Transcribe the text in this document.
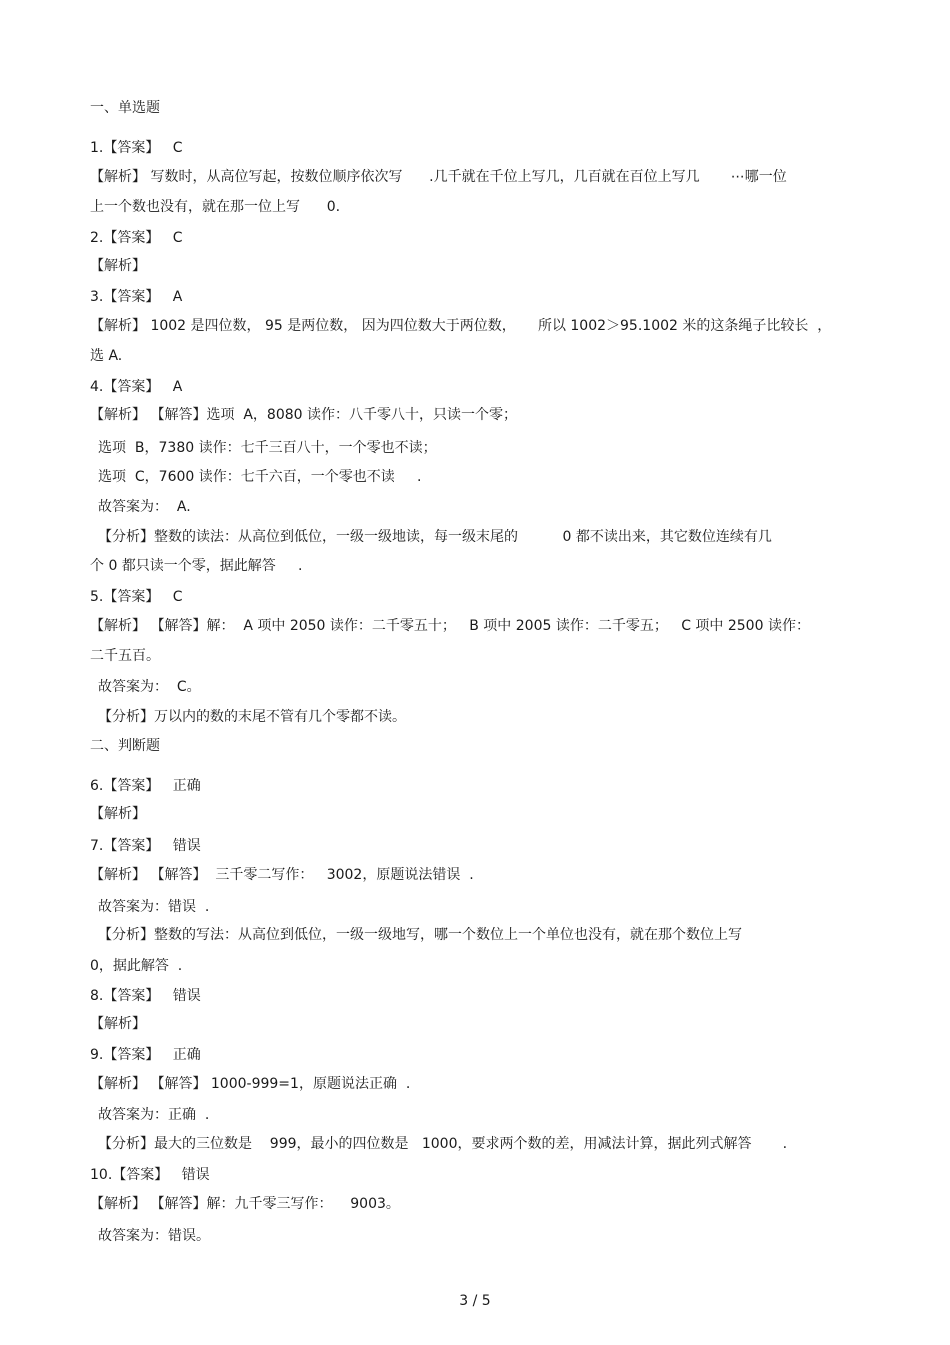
一、单选题
1.【答案】   C
【解析】 写数时，从高位写起，按数位顺序依次写      .几千就在千位上写几，几百就在百位上写几       ⋯哪一位
上一个数也没有，就在那一位上写      0.
2.【答案】   C
【解析】
3.【答案】   A
【解析】 1002 是四位数， 95 是两位数， 因为四位数大于两位数，     所以 1002＞95.1002 米的这条绳子比较长  ，
选 A.
4.【答案】   A
【解析】 【解答】选项  A，8080 读作：八千零八十，只读一个零；
选项  B，7380 读作：七千三百八十，一个零也不读；
选项  C，7600 读作：七千六百，一个零也不读     .
故答案为：  A.
【分析】整数的读法：从高位到低位，一级一级地读，每一级末尾的          0 都不读出来，其它数位连续有几
个 0 都只读一个零，据此解答     .
5.【答案】   C
【解析】 【解答】解：  A 项中 2050 读作：二千零五十；   B 项中 2005 读作：二千零五；   C 项中 2500 读作：
二千五百。
故答案为：  C。
【分析】万以内的数的末尾不管有几个零都不读。
二、判断题
6.【答案】   正确
【解析】
7.【答案】   错误
【解析】 【解答】  三千零二写作：   3002，原题说法错误  .
故答案为：错误  .
【分析】整数的写法：从高位到低位，一级一级地写，哪一个数位上一个单位也没有，就在那个数位上写
0，据此解答  .
8.【答案】   错误
【解析】
9.【答案】   正确
【解析】 【解答】 1000-999=1，原题说法正确  .
故答案为：正确  .
【分析】最大的三位数是    999，最小的四位数是   1000，要求两个数的差，用减法计算，据此列式解答       .
10.【答案】   错误
【解析】 【解答】解：九千零三写作：    9003。
故答案为：错误。
3 / 5
